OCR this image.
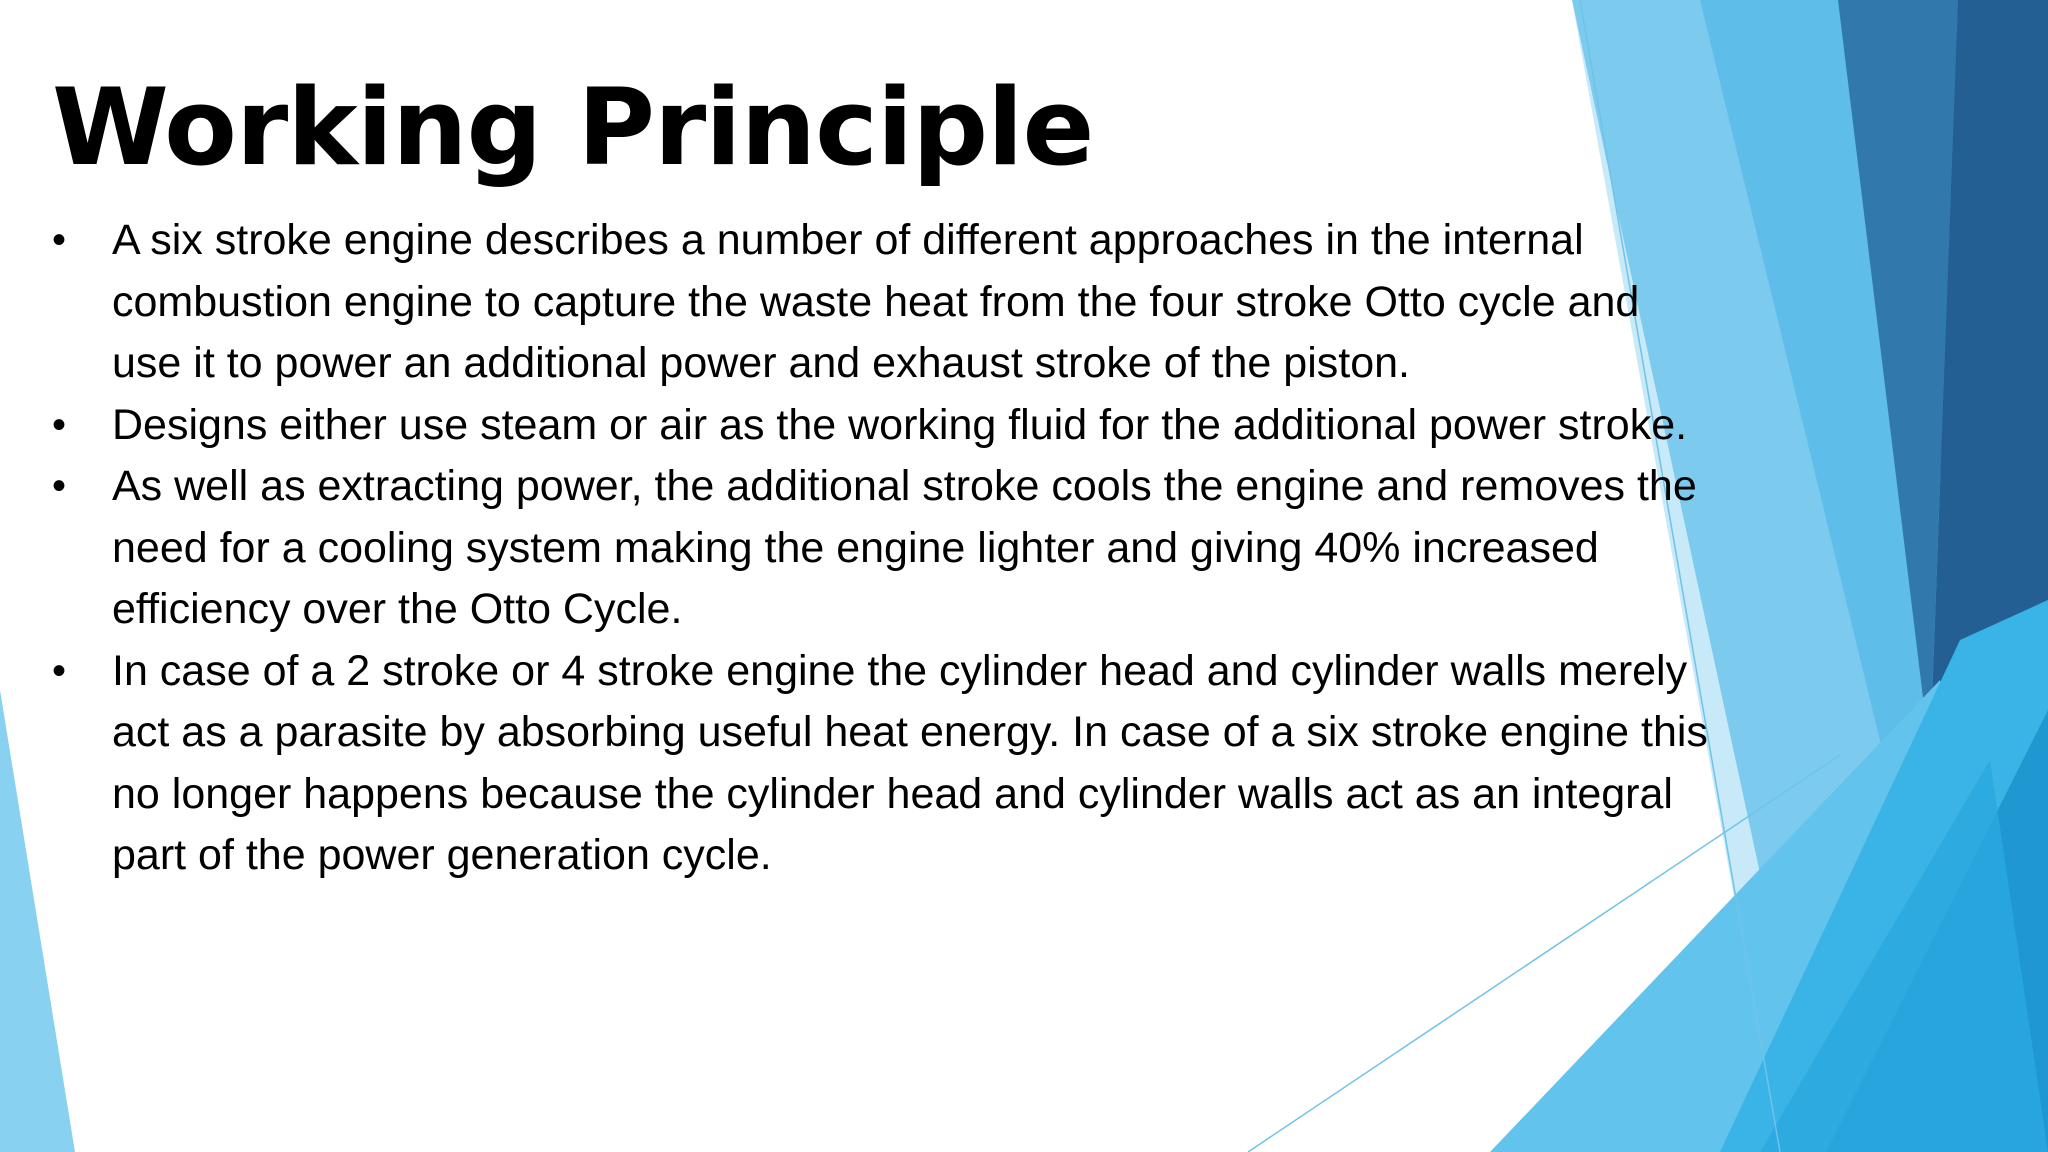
Working Principle
• A six stroke engine describes a number of different approaches in the internal combustion engine to capture the waste heat from the four stroke Otto cycle and use it to power an additional power and exhaust stroke of the piston.
• Designs either use steam or air as the working fluid for the additional power stroke.
• As well as extracting power, the additional stroke cools the engine and removes the need for a cooling system making the engine lighter and giving 40% increased efficiency over the Otto Cycle.
• In case of a 2 stroke or 4 stroke engine the cylinder head and cylinder walls merely act as a parasite by absorbing useful heat energy. In case of a six stroke engine this no longer happens because the cylinder head and cylinder walls act as an integral part of the power generation cycle.
